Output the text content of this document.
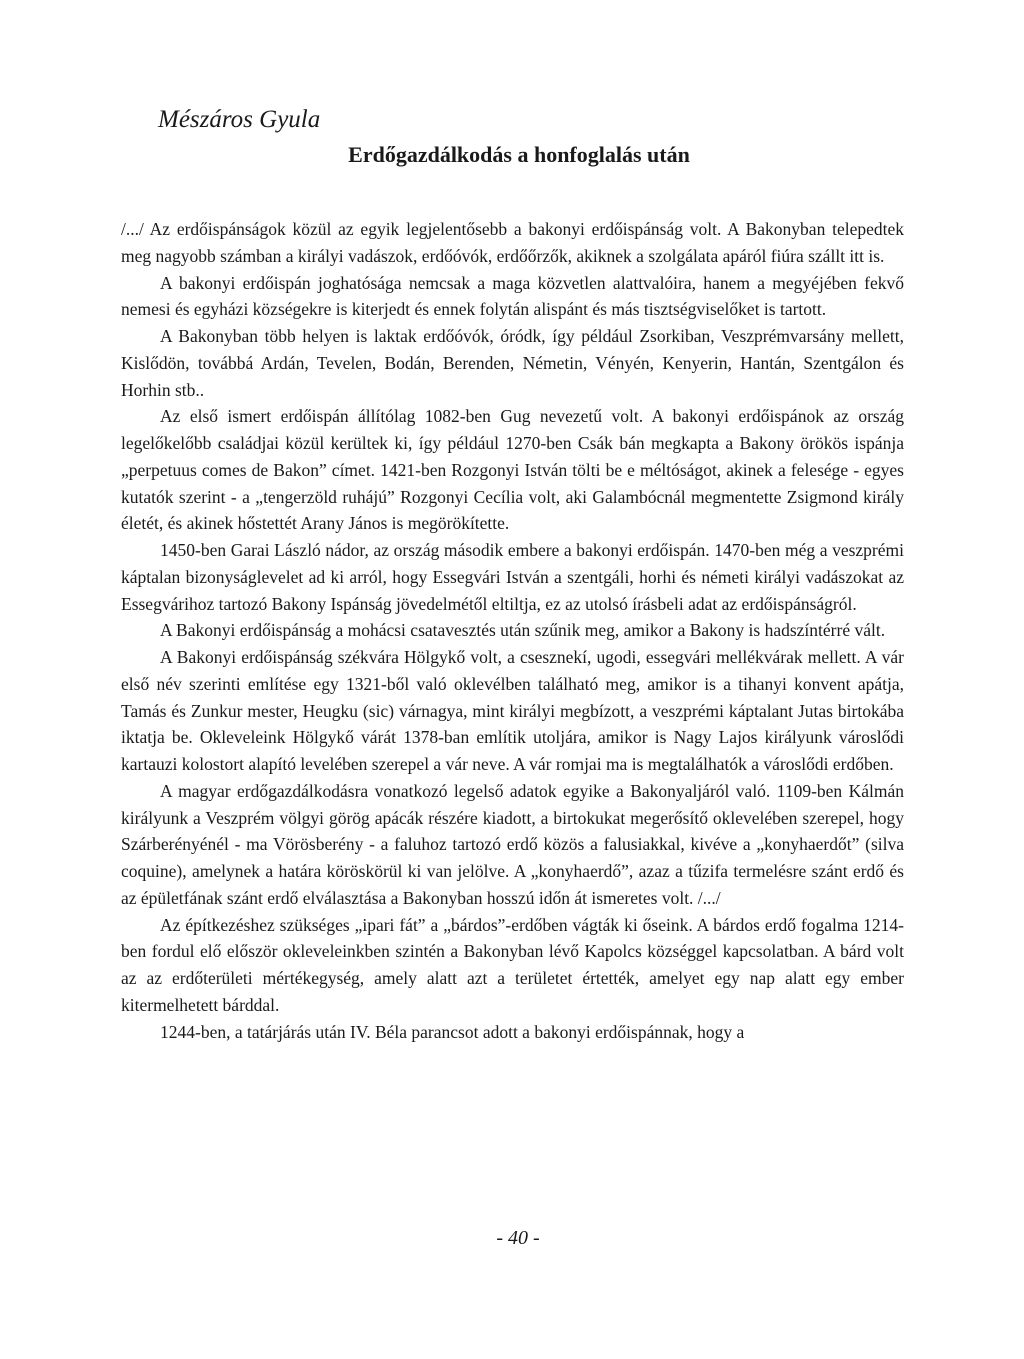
Mészáros Gyula
Erdőgazdálkodás a honfoglalás után

/.../ Az erdőispánságok közül az egyik legjelentősebb a bakonyi erdőispánság volt. A Bakonyban telepedtek meg nagyobb számban a királyi vadászok, erdőóvók, erdőőrzők, akiknek a szolgálata apáról fiúra szállt itt is.

A bakonyi erdőispán joghatósága nemcsak a maga közvetlen alattvalóira, hanem a megyéjében fekvő nemesi és egyházi községekre is kiterjedt és ennek folytán alispánt és más tisztségviselőket is tartott.

A Bakonyban több helyen is laktak erdőóvók, óródk, így például Zsorkiban, Veszprémvarsány mellett, Kislődön, továbbá Ardán, Tevelen, Bodán, Berenden, Németin, Vényén, Kenyerin, Hantán, Szentgálon és Horhin stb..

Az első ismert erdőispán állítólag 1082-ben Gug nevezetű volt. A bakonyi erdőispánok az ország legelőkelőbb családjai közül kerültek ki, így például 1270-ben Csák bán megkapta a Bakony örökös ispánja „perpetuus comes de Bakon” címet. 1421-ben Rozgonyi István tölti be e méltóságot, akinek a felesége - egyes kutatók szerint - a „tengerzöld ruhájú” Rozgonyi Cecília volt, aki Galambócnál megmentette Zsigmond király életét, és akinek hőstettét Arany János is megörökítette.

1450-ben Garai László nádor, az ország második embere a bakonyi erdőispán. 1470-ben még a veszprémi káptalan bizonyságlevelet ad ki arról, hogy Essegvári István a szentgáli, horhi és németi királyi vadászokat az Essegvárihoz tartozó Bakony Ispánság jövedelmétől eltiltja, ez az utolsó írásbeli adat az erdőispánságról.

A Bakonyi erdőispánság a mohácsi csatavesztés után szűnik meg, amikor a Bakony is hadszíntérré vált.

A Bakonyi erdőispánság székvára Hölgykő volt, a csesznekí, ugodi, essegvári mellékvárak mellett. A vár első név szerinti említése egy 1321-ből való oklevélben található meg, amikor is a tihanyi konvent apátja, Tamás és Zunkur mester, Heugku (sic) várnagya, mint királyi megbízott, a veszprémi káptalant Jutas birtokába iktatja be. Okleveleink Hölgykő várát 1378-ban említik utoljára, amikor is Nagy Lajos királyunk városlődi kartauzi kolostort alapító levelében szerepel a vár neve. A vár romjai ma is megtalálhatók a városlődi erdőben.

A magyar erdőgazdálkodásra vonatkozó legelső adatok egyike a Bakonyaljáról való. 1109-ben Kálmán királyunk a Veszprém völgyi görög apácák részére kiadott, a birtokukat megerősítő oklevelében szerepel, hogy Szárberényénél - ma Vörösberény - a faluhoz tartozó erdő közös a falusiakkal, kivéve a „konyhaerdőt” (silva coquine), amelynek a határa köröskörül ki van jelölve. A „konyhaerdő”, azaz a tűzifa termelésre szánt erdő és az épületfának szánt erdő elválasztása a Bakonyban hosszú időn át ismeretes volt. /.../

Az építkezéshez szükséges „ipari fát” a „bárdos”-erdőben vágták ki őseink. A bárdos erdő fogalma 1214-ben fordul elő először okleveleinkben szintén a Bakonyban lévő Kapolcs községgel kapcsolatban. A bárd volt az az erdőterületi mértékegység, amely alatt azt a területet értették, amelyet egy nap alatt egy ember kitermelhetett bárddal.

1244-ben, a tatárjárás után IV. Béla parancsot adott a bakonyi erdőispánnak, hogy a

- 40 -
